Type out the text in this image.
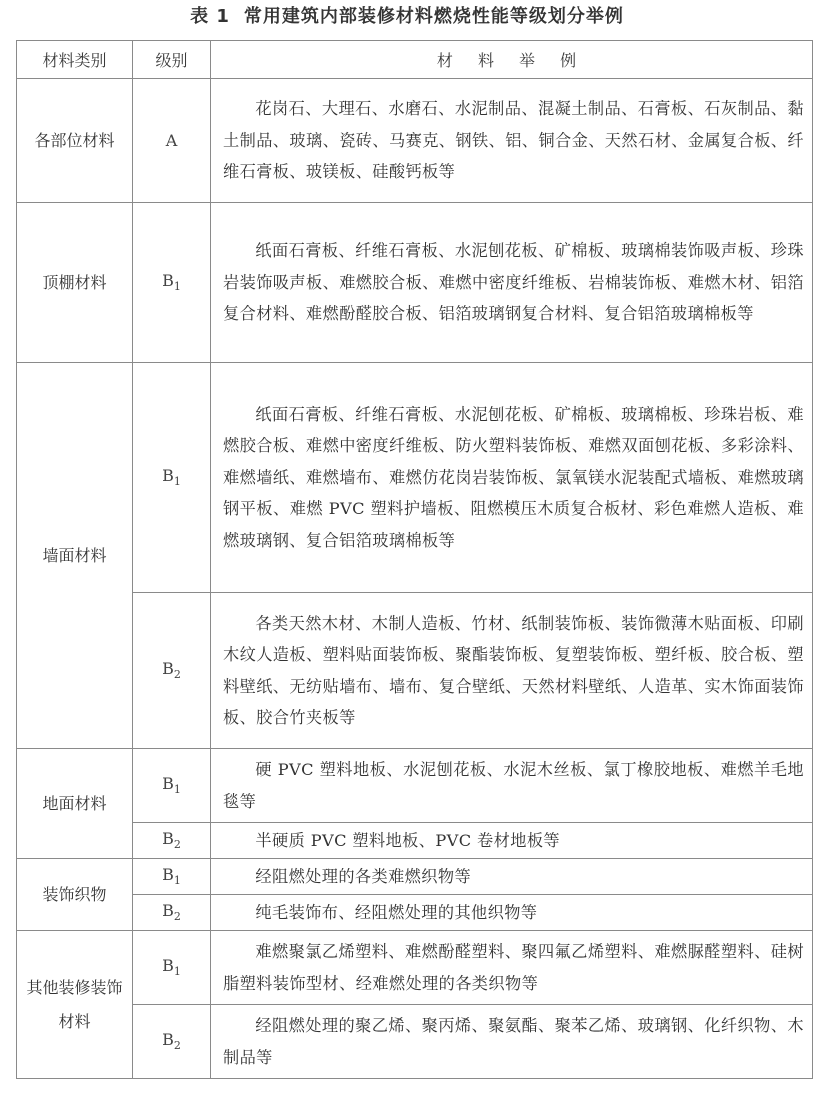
表 1 常用建筑内部装修材料燃烧性能等级划分举例
材料类别	级别	材 料 举 例
各部位材料	A	花岗石、大理石、水磨石、水泥制品、混凝土制品、石膏板、石灰制品、黏土制品、玻璃、瓷砖、马赛克、钢铁、铝、铜合金、天然石材、金属复合板、纤维石膏板、玻镁板、硅酸钙板等
顶棚材料	$B_1$	纸面石膏板、纤维石膏板、水泥刨花板、矿棉板、玻璃棉装饰吸声板、珍珠岩装饰吸声板、难燃胶合板、难燃中密度纤维板、岩棉装饰板、难燃木材、铝箔复合材料、难燃酚醛胶合板、铝箔玻璃钢复合材料、复合铝箔玻璃棉板等
墙面材料	$B_1$	纸面石膏板、纤维石膏板、水泥刨花板、矿棉板、玻璃棉板、珍珠岩板、难燃胶合板、难燃中密度纤维板、防火塑料装饰板、难燃双面刨花板、多彩涂料、难燃墙纸、难燃墙布、难燃仿花岗岩装饰板、氯氧镁水泥装配式墙板、难燃玻璃钢平板、难燃 PVC 塑料护墙板、阻燃模压木质复合板材、彩色难燃人造板、难燃玻璃钢、复合铝箔玻璃棉板等
	$B_2$	各类天然木材、木制人造板、竹材、纸制装饰板、装饰微薄木贴面板、印刷木纹人造板、塑料贴面装饰板、聚酯装饰板、复塑装饰板、塑纤板、胶合板、塑料壁纸、无纺贴墙布、墙布、复合壁纸、天然材料壁纸、人造革、实木饰面装饰板、胶合竹夹板等
地面材料	$B_1$	硬 PVC 塑料地板、水泥刨花板、水泥木丝板、氯丁橡胶地板、难燃羊毛地毯等
	$B_2$	半硬质 PVC 塑料地板、PVC 卷材地板等
装饰织物	$B_1$	经阻燃处理的各类难燃织物等
	$B_2$	纯毛装饰布、经阻燃处理的其他织物等
其他装修装饰材料	$B_1$	难燃聚氯乙烯塑料、难燃酚醛塑料、聚四氟乙烯塑料、难燃脲醛塑料、硅树脂塑料装饰型材、经难燃处理的各类织物等
	$B_2$	经阻燃处理的聚乙烯、聚丙烯、聚氨酯、聚苯乙烯、玻璃钢、化纤织物、木制品等
